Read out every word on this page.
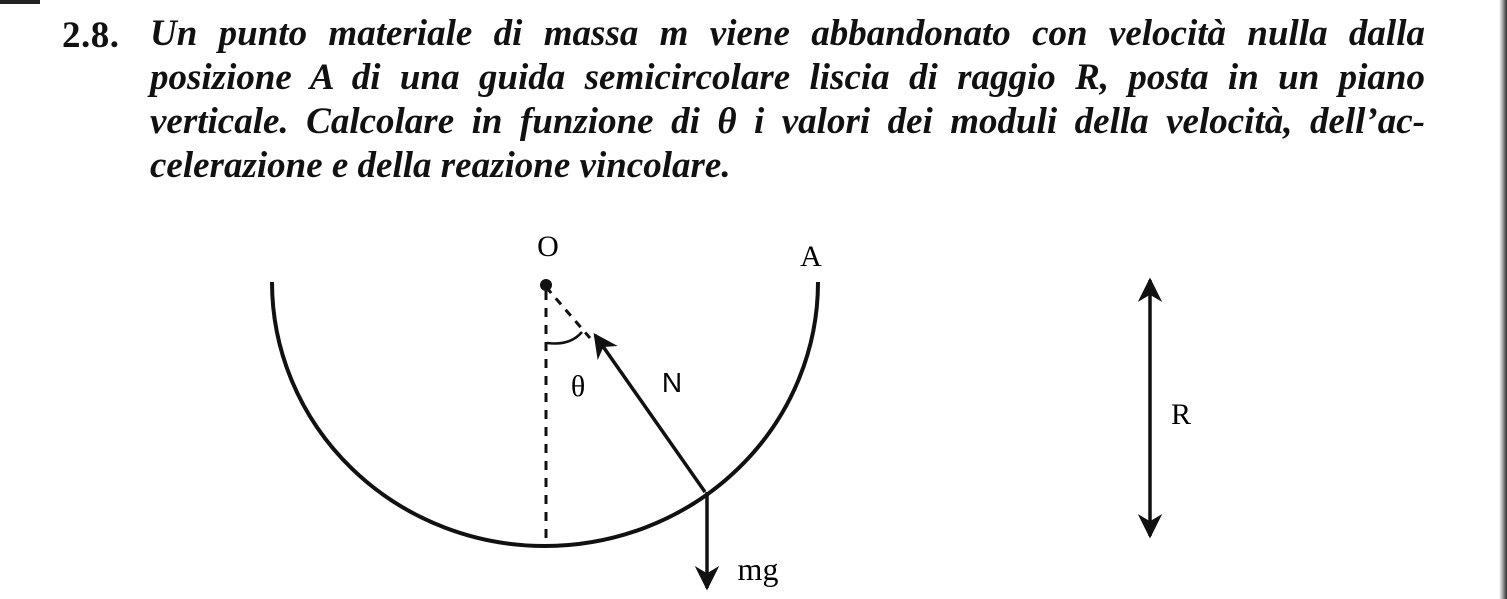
2.8. Un punto materiale di massa m viene abbandonato con velocità nulla dalla
posizione A di una guida semicircolare liscia di raggio R, posta in un piano
verticale. Calcolare in funzione di θ i valori dei moduli della velocità, dell’ac-
celerazione e della reazione vincolare.
O	A
θ	N
mg
R
